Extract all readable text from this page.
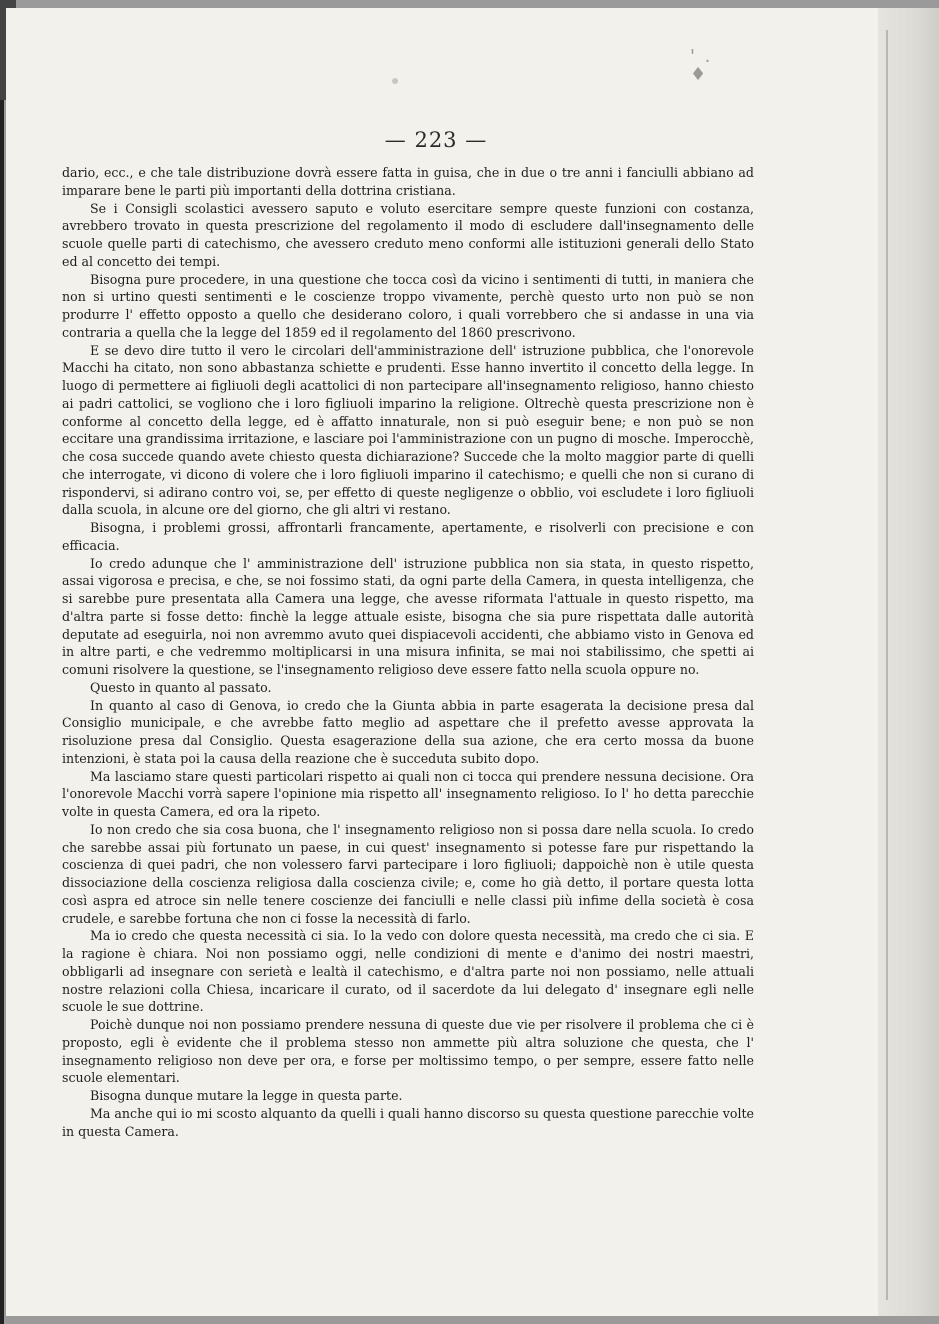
— 223 —

dario, ecc., e che tale distribuzione dovrà essere fatta in guisa, che in due o tre anni i fanciulli abbiano ad imparare bene le parti più importanti della dottrina cristiana.

Se i Consigli scolastici avessero saputo e voluto esercitare sempre queste funzioni con costanza, avrebbero trovato in questa prescrizione del regolamento il modo di escludere dall'insegnamento delle scuole quelle parti di catechismo, che avessero creduto meno conformi alle istituzioni generali dello Stato ed al concetto dei tempi.

Bisogna pure procedere, in una questione che tocca così da vicino i sentimenti di tutti, in maniera che non si urtino questi sentimenti e le coscienze troppo vivamente, perchè questo urto non può se non produrre l' effetto opposto a quello che desiderano coloro, i quali vorrebbero che si andasse in una via contraria a quella che la legge del 1859 ed il regolamento del 1860 prescrivono.

E se devo dire tutto il vero le circolari dell'amministrazione dell' istruzione pubblica, che l'onorevole Macchi ha citato, non sono abbastanza schiette e prudenti. Esse hanno invertito il concetto della legge. In luogo di permettere ai figliuoli degli acattolici di non partecipare all'insegnamento religioso, hanno chiesto ai padri cattolici, se vogliono che i loro figliuoli imparino la religione. Oltrechè questa prescrizione non è conforme al concetto della legge, ed è affatto innaturale, non si può eseguir bene; e non può se non eccitare una grandissima irritazione, e lasciare poi l'amministrazione con un pugno di mosche. Imperocchè, che cosa succede quando avete chiesto questa dichiarazione? Succede che la molto maggior parte di quelli che interrogate, vi dicono di volere che i loro figliuoli imparino il catechismo; e quelli che non si curano di rispondervi, si adirano contro voi, se, per effetto di queste negligenze o obblio, voi escludete i loro figliuoli dalla scuola, in alcune ore del giorno, che gli altri vi restano.

Bisogna, i problemi grossi, affrontarli francamente, apertamente, e risolverli con precisione e con efficacia.

Io credo adunque che l' amministrazione dell' istruzione pubblica non sia stata, in questo rispetto, assai vigorosa e precisa, e che, se noi fossimo stati, da ogni parte della Camera, in questa intelligenza, che si sarebbe pure presentata alla Camera una legge, che avesse riformata l'attuale in questo rispetto, ma d'altra parte si fosse detto: finchè la legge attuale esiste, bisogna che sia pure rispettata dalle autorità deputate ad eseguirla, noi non avremmo avuto quei dispiacevoli accidenti, che abbiamo visto in Genova ed in altre parti, e che vedremmo moltiplicarsi in una misura infinita, se mai noi stabilissimo, che spetti ai comuni risolvere la questione, se l'insegnamento religioso deve essere fatto nella scuola oppure no.

Questo in quanto al passato.

In quanto al caso di Genova, io credo che la Giunta abbia in parte esagerata la decisione presa dal Consiglio municipale, e che avrebbe fatto meglio ad aspettare che il prefetto avesse approvata la risoluzione presa dal Consiglio. Questa esagerazione della sua azione, che era certo mossa da buone intenzioni, è stata poi la causa della reazione che è succeduta subito dopo.

Ma lasciamo stare questi particolari rispetto ai quali non ci tocca qui prendere nessuna decisione. Ora l'onorevole Macchi vorrà sapere l'opinione mia rispetto all' insegnamento religioso. Io l' ho detta parecchie volte in questa Camera, ed ora la ripeto.

Io non credo che sia cosa buona, che l' insegnamento religioso non si possa dare nella scuola. Io credo che sarebbe assai più fortunato un paese, in cui quest' insegnamento si potesse fare pur rispettando la coscienza di quei padri, che non volessero farvi partecipare i loro figliuoli; dappoichè non è utile questa dissociazione della coscienza religiosa dalla coscienza civile; e, come ho già detto, il portare questa lotta così aspra ed atroce sin nelle tenere coscienze dei fanciulli e nelle classi più infime della società è cosa crudele, e sarebbe fortuna che non ci fosse la necessità di farlo.

Ma io credo che questa necessità ci sia. Io la vedo con dolore questa necessità, ma credo che ci sia. E la ragione è chiara. Noi non possiamo oggi, nelle condizioni di mente e d'animo dei nostri maestri, obbligarli ad insegnare con serietà e lealtà il catechismo, e d'altra parte noi non possiamo, nelle attuali nostre relazioni colla Chiesa, incaricare il curato, od il sacerdote da lui delegato d' insegnare egli nelle scuole le sue dottrine.

Poichè dunque noi non possiamo prendere nessuna di queste due vie per risolvere il problema che ci è proposto, egli è evidente che il problema stesso non ammette più altra soluzione che questa, che l' insegnamento religioso non deve per ora, e forse per moltissimo tempo, o per sempre, essere fatto nelle scuole elementari.

Bisogna dunque mutare la legge in questa parte.

Ma anche qui io mi scosto alquanto da quelli i quali hanno discorso su questa questione parecchie volte in questa Camera.

' . ♦
